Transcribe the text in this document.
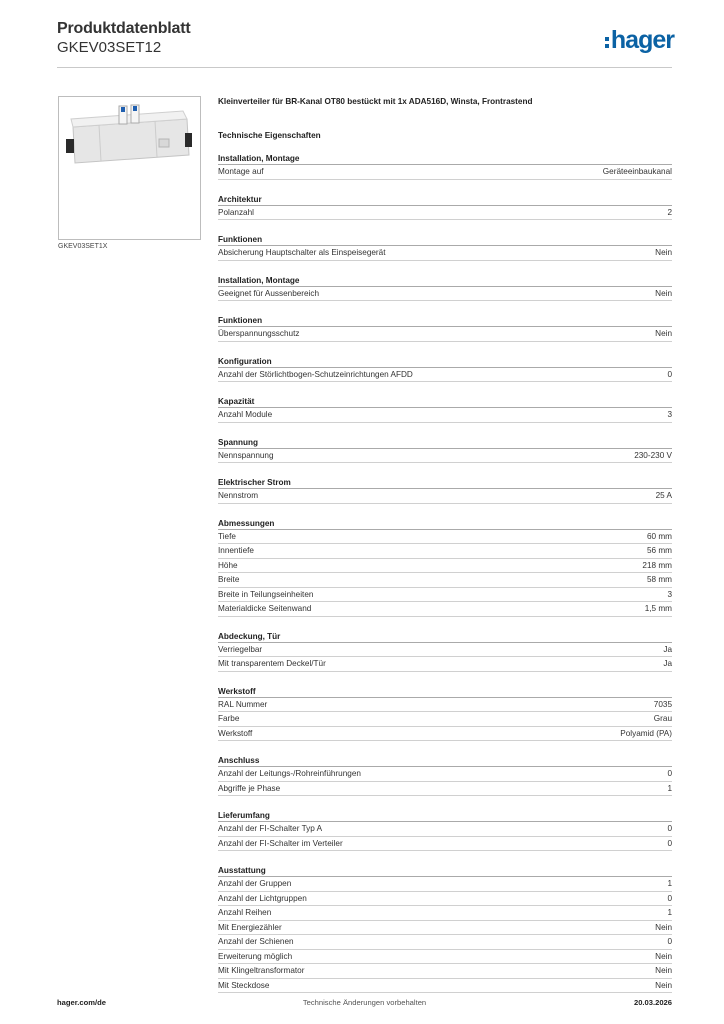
Produktdatenblatt
GKEV03SET12	hager
GKEV03SET1X
Kleinverteiler für BR-Kanal OT80 bestückt mit 1x ADA516D, Winsta, Frontrastend
Technische Eigenschaften
Installation, Montage
Montage auf	Geräteeinbaukanal
Architektur
Polanzahl	2
Funktionen
Absicherung Hauptschalter als Einspeisegerät	Nein
Installation, Montage
Geeignet für Aussenbereich	Nein
Funktionen
Überspannungsschutz	Nein
Konfiguration
Anzahl der Störlichtbogen-Schutzeinrichtungen AFDD	0
Kapazität
Anzahl Module	3
Spannung
Nennspannung	230-230 V
Elektrischer Strom
Nennstrom	25 A
Abmessungen
Tiefe	60 mm
Innentiefe	56 mm
Höhe	218 mm
Breite	58 mm
Breite in Teilungseinheiten	3
Materialdicke Seitenwand	1,5 mm
Abdeckung, Tür
Verriegelbar	Ja
Mit transparentem Deckel/Tür	Ja
Werkstoff
RAL Nummer	7035
Farbe	Grau
Werkstoff	Polyamid (PA)
Anschluss
Anzahl der Leitungs-/Rohreinführungen	0
Abgriffe je Phase	1
Lieferumfang
Anzahl der FI-Schalter Typ A	0
Anzahl der FI-Schalter im Verteiler	0
Ausstattung
Anzahl der Gruppen	1
Anzahl der Lichtgruppen	0
Anzahl Reihen	1
Mit Energiezähler	Nein
Anzahl der Schienen	0
Erweiterung möglich	Nein
Mit Klingeltransformator	Nein
Mit Steckdose	Nein
hager.com/de	Technische Änderungen vorbehalten	20.03.2026
